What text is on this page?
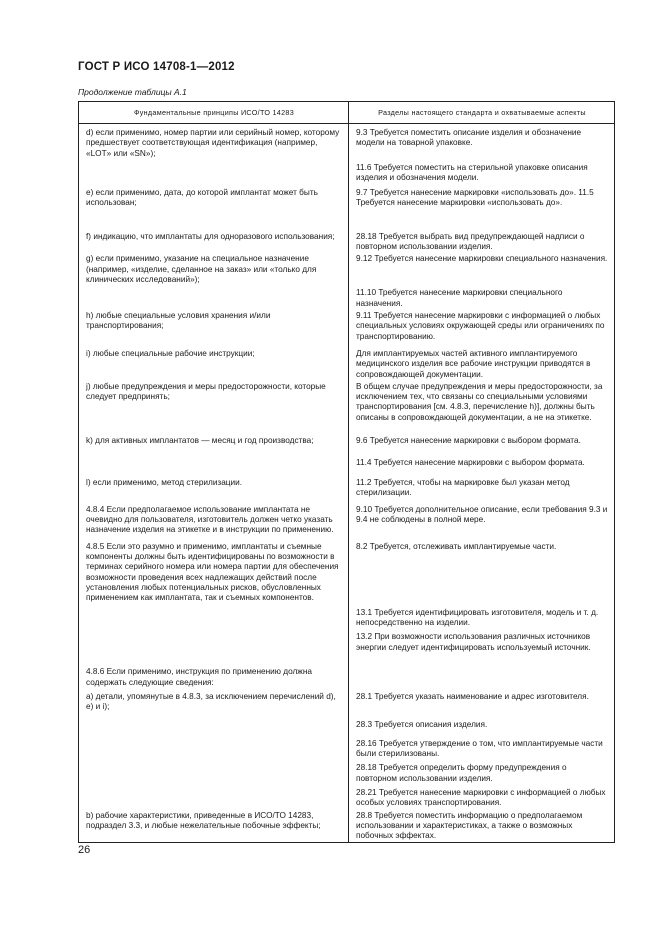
ГОСТ Р ИСО 14708-1—2012
Продолжение таблицы А.1
Фундаментальные принципы ИСО/ТО 14283	Разделы настоящего стандарта и охватываемые аспекты
d) если применимо, номер партии или серийный номер, которому предшествует соответствующая идентификация (например, «LOT» или «SN»);	9.3 Требуется поместить описание изделия и обозначение модели на товарной упаковке.
	11.6 Требуется поместить на стерильной упаковке описания изделия и обозначения модели.
е) если применимо, дата, до которой имплантат может быть использован;	9.7 Требуется нанесение маркировки «использовать до». 11.5 Требуется нанесение маркировки «использовать до».
f) индикацию, что имплантаты для одноразового использования;	28.18 Требуется выбрать вид предупреждающей надписи о повторном использовании изделия.
g) если применимо, указание на специальное назначение (например, «изделие, сделанное на заказ» или «только для клинических исследований»);	9.12 Требуется нанесение маркировки специального назначения.
	11.10 Требуется нанесение маркировки специального назначения.
h) любые специальные условия хранения и/или транспортирования;	9.11 Требуется нанесение маркировки с информацией о любых специальных условиях окружающей среды или ограничениях по транспортированию.
i) любые специальные рабочие инструкции;	Для имплантируемых частей активного имплантируемого медицинского изделия все рабочие инструкции приводятся в сопровождающей документации.
j) любые предупреждения и меры предосторожности, которые следует предпринять;	В общем случае предупреждения и меры предосторожности, за исключением тех, что связаны со специальными условиями транспортирования [см. 4.8.3, перечисление h)], должны быть описаны в сопровождающей документации, а не на этикетке.
k) для активных имплантатов — месяц и год производства;	9.6 Требуется нанесение маркировки с выбором формата.
	11.4 Требуется нанесение маркировки с выбором формата.
l) если применимо, метод стерилизации.	11.2 Требуется, чтобы на маркировке был указан метод стерилизации.
4.8.4 Если предполагаемое использование имплантата не очевидно для пользователя, изготовитель должен четко указать назначение изделия на этикетке и в инструкции по применению.	9.10 Требуется дополнительное описание, если требования 9.3 и 9.4 не соблюдены в полной мере.
4.8.5 Если это разумно и применимо, имплантаты и съемные компоненты должны быть идентифицированы по возможности в терминах серийного номера или номера партии для обеспечения возможности проведения всех надлежащих действий после установления любых потенциальных рисков, обусловленных применением как имплантата, так и съемных компонентов.	8.2 Требуется, отслеживать имплантируемые части.
	13.1 Требуется идентифицировать изготовителя, модель и т. д. непосредственно на изделии.
	13.2 При возможности использования различных источников энергии следует идентифицировать используемый источник.
4.8.6 Если применимо, инструкция по применению должна содержать следующие сведения:	
а) детали, упомянутые в 4.8.3, за исключением перечислений d), e) и i);	28.1 Требуется указать наименование и адрес изготовителя.
	28.3 Требуется описания изделия.
	28.16 Требуется утверждение о том, что имплантируемые части были стерилизованы.
	28.18 Требуется определить форму предупреждения о повторном использовании изделия.
	28.21 Требуется нанесение маркировки с информацией о любых особых условиях транспортирования.
b) рабочие характеристики, приведенные в ИСО/ТО 14283, подраздел 3.3, и любые нежелательные побочные эффекты;	28.8 Требуется поместить информацию о предполагаемом использовании и характеристиках, а также о возможных побочных эффектах.
26
